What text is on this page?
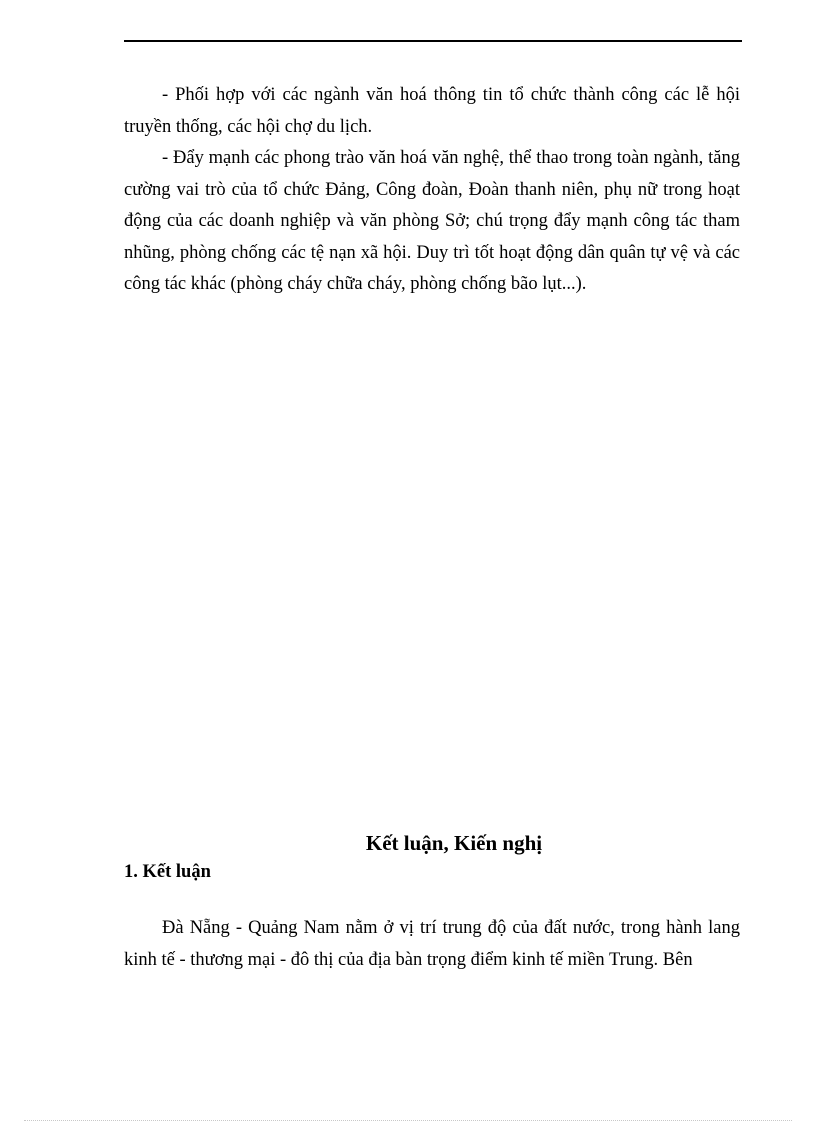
- Phối hợp với các ngành văn hoá thông tin tổ chức thành công các lễ hội truyền thống, các hội chợ du lịch.

- Đẩy mạnh các phong trào văn hoá văn nghệ, thể thao trong toàn ngành, tăng cường vai trò của tổ chức Đảng, Công đoàn, Đoàn thanh niên, phụ nữ trong hoạt động của các doanh nghiệp và văn phòng Sở; chú trọng đẩy mạnh công tác tham nhũng, phòng chống các tệ nạn xã hội. Duy trì tốt hoạt động dân quân tự vệ và các công tác khác (phòng cháy chữa cháy, phòng chống bão lụt...).

Kết luận, Kiến nghị
1. Kết luận

Đà Nẵng - Quảng Nam nằm ở vị trí trung độ của đất nước, trong hành lang kinh tế - thương mại - đô thị của địa bàn trọng điểm kinh tế miền Trung. Bên
